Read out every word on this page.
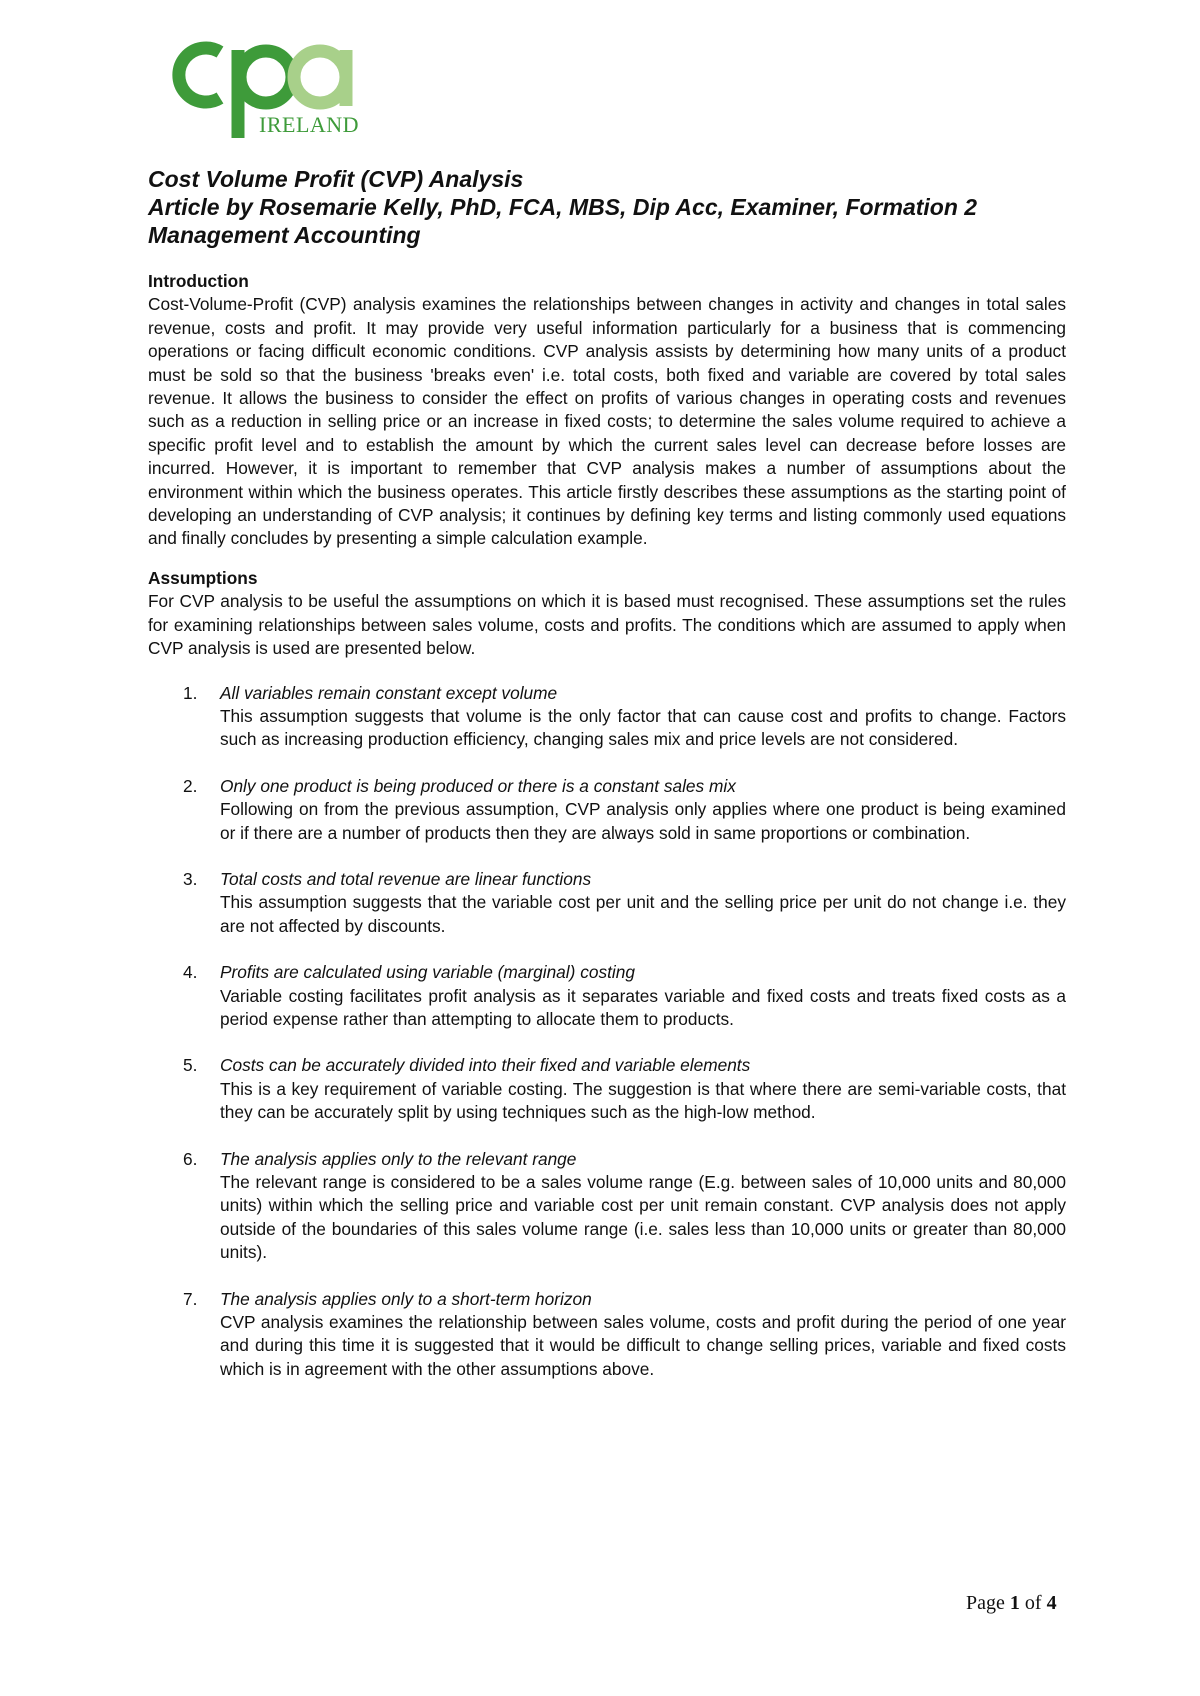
IRELAND
Cost Volume Profit (CVP) Analysis
Article by Rosemarie Kelly, PhD, FCA, MBS, Dip Acc, Examiner, Formation 2
Management Accounting
Introduction

Cost-Volume-Profit (CVP) analysis examines the relationships between changes in activity and changes in total sales revenue, costs and profit. It may provide very useful information particularly for a business that is commencing operations or facing difficult economic conditions. CVP analysis assists by determining how many units of a product must be sold so that the business 'breaks even' i.e. total costs, both fixed and variable are covered by total sales revenue. It allows the business to consider the effect on profits of various changes in operating costs and revenues such as a reduction in selling price or an increase in fixed costs; to determine the sales volume required to achieve a specific profit level and to establish the amount by which the current sales level can decrease before losses are incurred. However, it is important to remember that CVP analysis makes a number of assumptions about the environment within which the business operates. This article firstly describes these assumptions as the starting point of developing an understanding of CVP analysis; it continues by defining key terms and listing commonly used equations and finally concludes by presenting a simple calculation example.

Assumptions

For CVP analysis to be useful the assumptions on which it is based must recognised. These assumptions set the rules for examining relationships between sales volume, costs and profits. The conditions which are assumed to apply when CVP analysis is used are presented below.

1. All variables remain constant except volume
This assumption suggests that volume is the only factor that can cause cost and profits to change. Factors such as increasing production efficiency, changing sales mix and price levels are not considered.
2. Only one product is being produced or there is a constant sales mix
Following on from the previous assumption, CVP analysis only applies where one product is being examined or if there are a number of products then they are always sold in same proportions or combination.
3. Total costs and total revenue are linear functions
This assumption suggests that the variable cost per unit and the selling price per unit do not change i.e. they are not affected by discounts.
4. Profits are calculated using variable (marginal) costing
Variable costing facilitates profit analysis as it separates variable and fixed costs and treats fixed costs as a period expense rather than attempting to allocate them to products.
5. Costs can be accurately divided into their fixed and variable elements
This is a key requirement of variable costing. The suggestion is that where there are semi-variable costs, that they can be accurately split by using techniques such as the high-low method.
6. The analysis applies only to the relevant range
The relevant range is considered to be a sales volume range (E.g. between sales of 10,000 units and 80,000 units) within which the selling price and variable cost per unit remain constant. CVP analysis does not apply outside of the boundaries of this sales volume range (i.e. sales less than 10,000 units or greater than 80,000 units).
7. The analysis applies only to a short-term horizon
CVP analysis examines the relationship between sales volume, costs and profit during the period of one year and during this time it is suggested that it would be difficult to change selling prices, variable and fixed costs which is in agreement with the other assumptions above.
Page 1 of 4
